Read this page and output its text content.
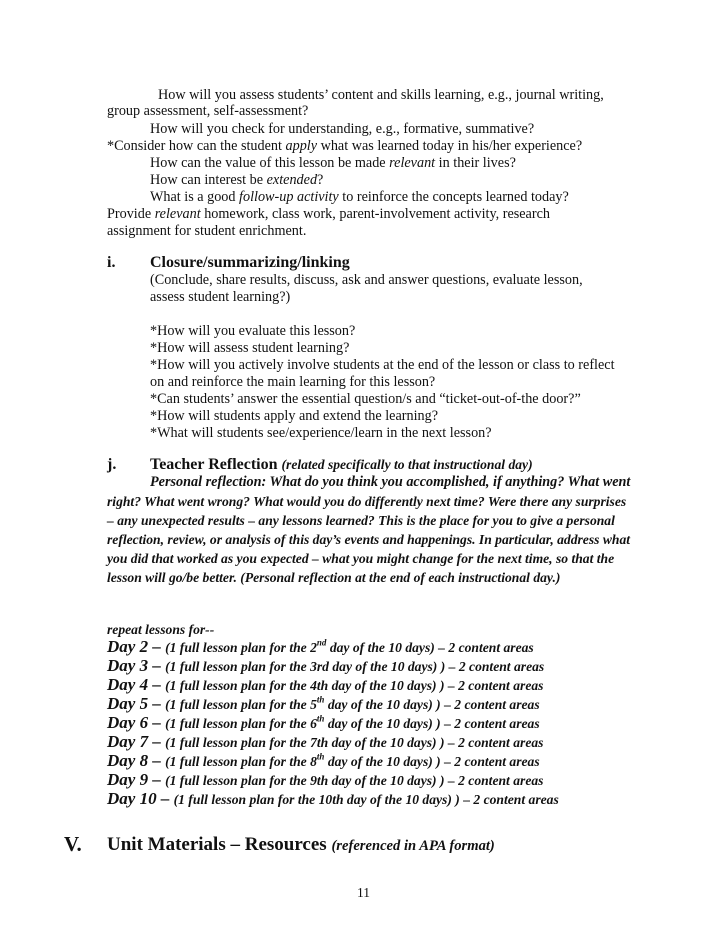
How will you assess students’ content and skills learning, e.g., journal writing,
group assessment, self-assessment?
How will you check for understanding, e.g., formative, summative?
*Consider how can the student apply what was learned today in his/her experience?
How can the value of this lesson be made relevant in their lives?
How can interest be extended?
What is a good follow-up activity to reinforce the concepts learned today?
Provide relevant homework, class work, parent-involvement activity, research
assignment for student enrichment.
i. Closure/summarizing/linking
(Conclude, share results, discuss, ask and answer questions, evaluate lesson,
assess student learning?)
*How will you evaluate this lesson?
*How will assess student learning?
*How will you actively involve students at the end of the lesson or class to reflect
on and reinforce the main learning for this lesson?
*Can students’ answer the essential question/s and “ticket-out-of-the door?”
*How will students apply and extend the learning?
*What will students see/experience/learn in the next lesson?
j. Teacher Reflection (related specifically to that instructional day)
Personal reflection: What do you think you accomplished, if anything? What went
right? What went wrong? What would you do differently next time? Were there any surprises
– any unexpected results – any lessons learned? This is the place for you to give a personal
reflection, review, or analysis of this day’s events and happenings. In particular, address what
you did that worked as you expected – what you might change for the next time, so that the
lesson will go/be better. (Personal reflection at the end of each instructional day.)
repeat lessons for--
Day 2 – (1 full lesson plan for the 2nd day of the 10 days) – 2 content areas
Day 3 – (1 full lesson plan for the 3rd day of the 10 days) ) – 2 content areas
Day 4 – (1 full lesson plan for the 4th day of the 10 days) ) – 2 content areas
Day 5 – (1 full lesson plan for the 5th day of the 10 days) ) – 2 content areas
Day 6 – (1 full lesson plan for the 6th day of the 10 days) ) – 2 content areas
Day 7 – (1 full lesson plan for the 7th day of the 10 days) ) – 2 content areas
Day 8 – (1 full lesson plan for the 8th day of the 10 days) ) – 2 content areas
Day 9 – (1 full lesson plan for the 9th day of the 10 days) ) – 2 content areas
Day 10 – (1 full lesson plan for the 10th day of the 10 days) ) – 2 content areas
V. Unit Materials – Resources (referenced in APA format)
11
